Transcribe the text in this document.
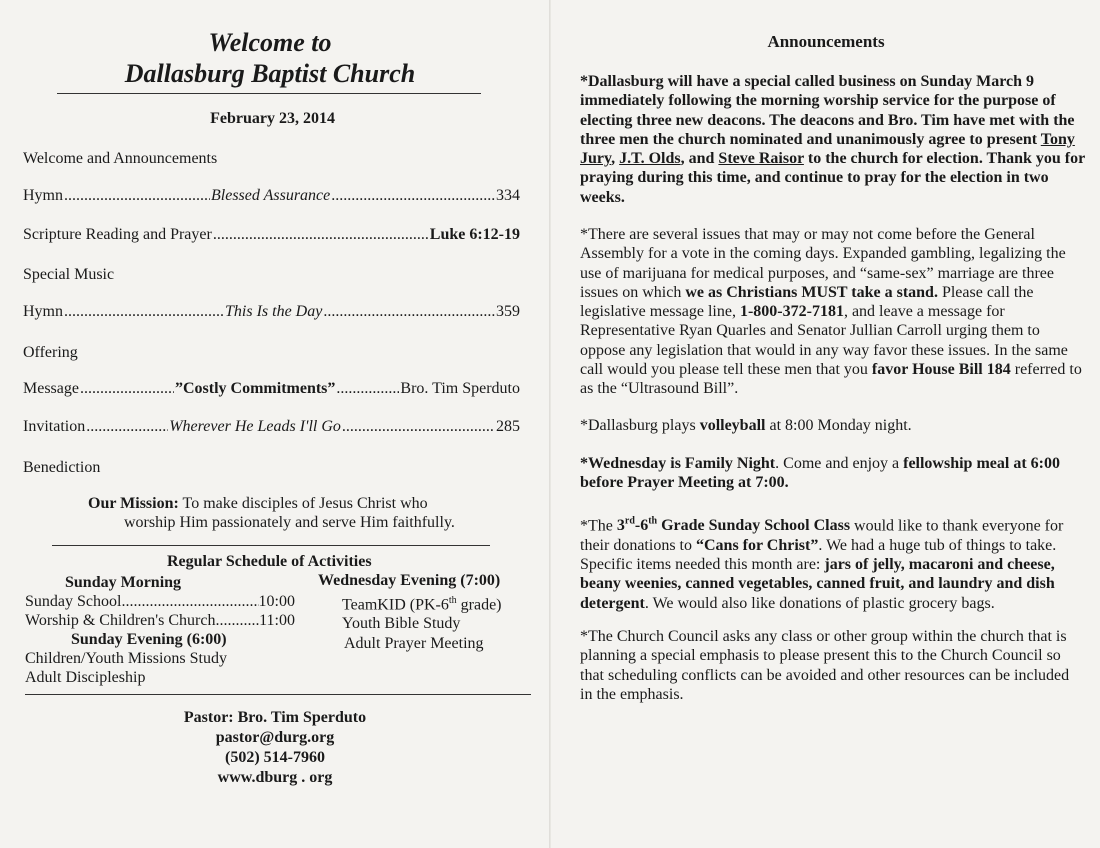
Welcome to
Dallasburg Baptist Church
February 23, 2014
Welcome and Announcements
Hymn .....	Blessed Assurance .....	334
Scripture Reading and Prayer .....	Luke 6:12-19
Special Music
Hymn .....	This Is the Day .....	359
Offering
Message .....	”Costly Commitments” .....	Bro. Tim Sperduto
Invitation .....	Wherever He Leads I'll Go .....	285
Benediction
Our Mission: To make disciples of Jesus Christ who
worship Him passionately and serve Him faithfully.
Regular Schedule of Activities
Sunday Morning
Sunday School .....	10:00
Worship & Children's Church .....	11:00
Sunday Evening (6:00)
Children/Youth Missions Study
Adult Discipleship
Wednesday Evening (7:00)
TeamKID (PK-6th grade)
Youth Bible Study
Adult Prayer Meeting
Pastor: Bro. Tim Sperduto
pastor@durg.org
(502) 514-7960
www.dburg . org
Announcements
*Dallasburg will have a special called business on Sunday March 9 immediately following the morning worship service for the purpose of electing three new deacons. The deacons and Bro. Tim have met with the three men the church nominated and unanimously agree to present Tony Jury, J.T. Olds, and Steve Raisor to the church for election. Thank you for praying during this time, and continue to pray for the election in two weeks.
*There are several issues that may or may not come before the General Assembly for a vote in the coming days. Expanded gambling, legalizing the use of marijuana for medical purposes, and “same-sex” marriage are three issues on which we as Christians MUST take a stand. Please call the legislative message line, 1-800-372-7181, and leave a message for Representative Ryan Quarles and Senator Jullian Carroll urging them to oppose any legislation that would in any way favor these issues. In the same call would you please tell these men that you favor House Bill 184 referred to as the “Ultrasound Bill”.
*Dallasburg plays volleyball at 8:00 Monday night.
*Wednesday is Family Night. Come and enjoy a fellowship meal at 6:00 before Prayer Meeting at 7:00.
*The 3rd-6th Grade Sunday School Class would like to thank everyone for their donations to “Cans for Christ”. We had a huge tub of things to take. Specific items needed this month are: jars of jelly, macaroni and cheese, beany weenies, canned vegetables, canned fruit, and laundry and dish detergent. We would also like donations of plastic grocery bags.
*The Church Council asks any class or other group within the church that is planning a special emphasis to please present this to the Church Council so that scheduling conflicts can be avoided and other resources can be included in the emphasis.
